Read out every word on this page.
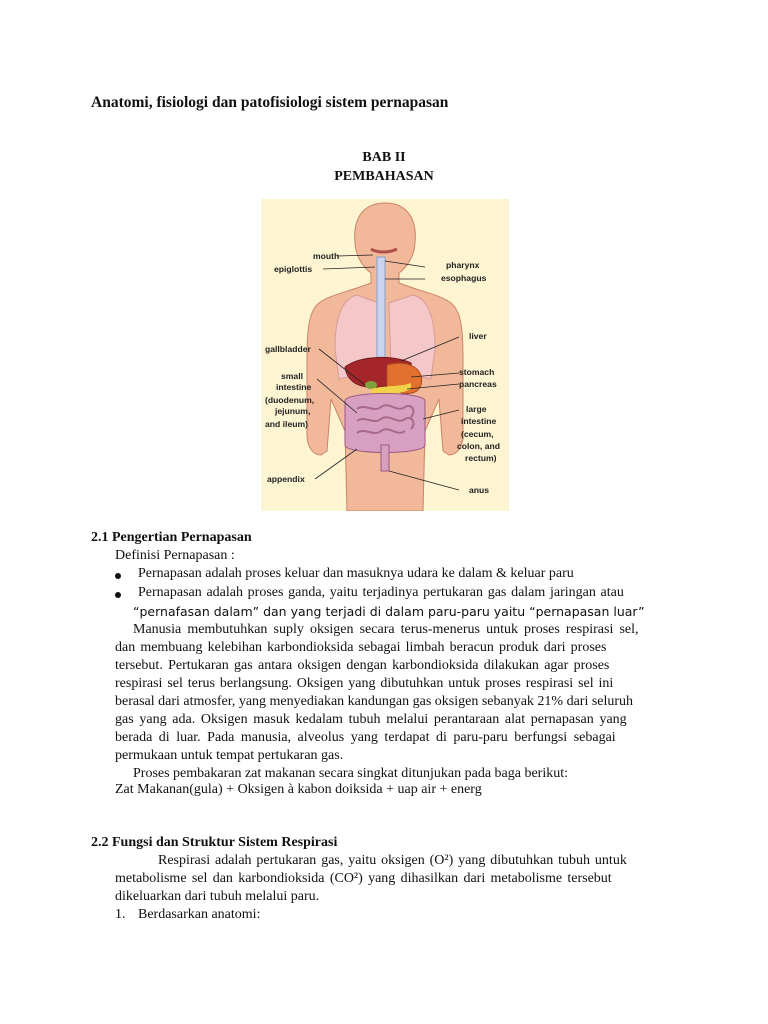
Anatomi, fisiologi dan patofisiologi sistem pernapasan
BAB II
PEMBAHASAN
mouth
epiglottis
gallbladder
small
intestine
(duodenum,
jejunum,
and ileum)
appendix
pharynx
esophagus
liver
stomach
pancreas
large
intestine
(cecum,
colon, and
rectum)
anus
2.1 Pengertian Pernapasan
Definisi Pernapasan :
Pernapasan adalah proses keluar dan masuknya udara ke dalam & keluar paru
Pernapasan adalah proses ganda, yaitu terjadinya pertukaran gas dalam jaringan atau
“pernafasan dalam” dan yang terjadi di dalam paru-paru yaitu “pernapasan luar”
Manusia membutuhkan suply oksigen secara terus-menerus untuk proses respirasi sel,
dan membuang kelebihan karbondioksida sebagai limbah beracun produk dari proses
tersebut. Pertukaran gas antara oksigen dengan karbondioksida dilakukan agar proses
respirasi sel terus berlangsung. Oksigen yang dibutuhkan untuk proses respirasi sel ini
berasal dari atmosfer, yang menyediakan kandungan gas oksigen sebanyak 21% dari seluruh
gas yang ada. Oksigen masuk kedalam tubuh melalui perantaraan alat pernapasan yang
berada di luar. Pada manusia, alveolus yang terdapat di paru-paru berfungsi sebagai
permukaan untuk tempat pertukaran gas.
Proses pembakaran zat makanan secara singkat ditunjukan pada baga berikut:
Zat Makanan(gula) + Oksigen à kabon doiksida + uap air + energ
2.2 Fungsi dan Struktur Sistem Respirasi
Respirasi adalah pertukaran gas, yaitu oksigen (O²) yang dibutuhkan tubuh untuk
metabolisme sel dan karbondioksida (CO²) yang dihasilkan dari metabolisme tersebut
dikeluarkan dari tubuh melalui paru.
1. Berdasarkan anatomi:
